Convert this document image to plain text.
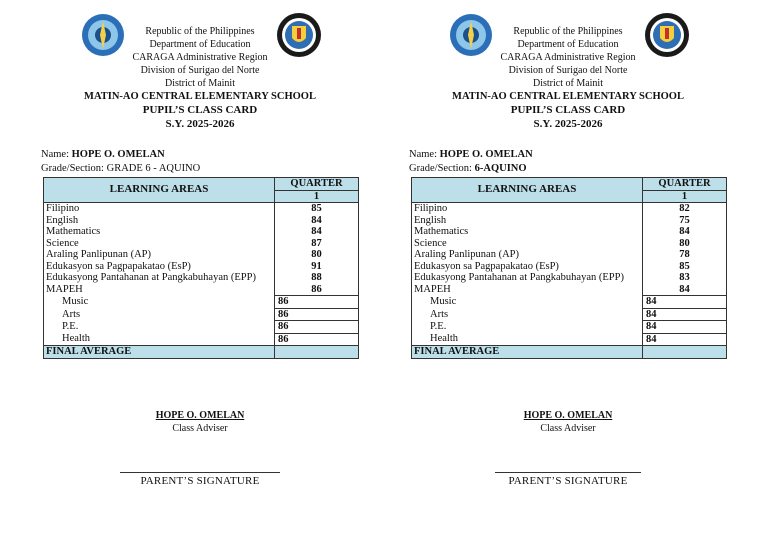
Republic of the Philippines
Department of Education
CARAGA Administrative Region
Division of Surigao del Norte
District of Mainit
MATIN-AO CENTRAL ELEMENTARY SCHOOL
PUPIL’S CLASS CARD
S.Y. 2025-2026
Name: HOPE O. OMELAN
Grade/Section: GRADE 6 - AQUINO
LEARNING AREAS	QUARTER
	1
Filipino	85
English	84
Mathematics	84
Science	87
Araling Panlipunan (AP)	80
Edukasyon sa Pagpapakatao (EsP)	91
Edukasyong Pantahanan at Pangkabuhayan (EPP)	88
MAPEH	86
Music	86
Arts	86
P.E.	86
Health	86
FINAL AVERAGE	
HOPE O. OMELAN
Class Adviser
PARENT’S SIGNATURE
Republic of the Philippines
Department of Education
CARAGA Administrative Region
Division of Surigao del Norte
District of Mainit
MATIN-AO CENTRAL ELEMENTARY SCHOOL
PUPIL’S CLASS CARD
S.Y. 2025-2026
Name: HOPE O. OMELAN
Grade/Section: 6-AQUINO
LEARNING AREAS	QUARTER
	1
Filipino	82
English	75
Mathematics	84
Science	80
Araling Panlipunan (AP)	78
Edukasyon sa Pagpapakatao (EsP)	85
Edukasyong Pantahanan at Pangkabuhayan (EPP)	83
MAPEH	84
Music	84
Arts	84
P.E.	84
Health	84
FINAL AVERAGE	
HOPE O. OMELAN
Class Adviser
PARENT’S SIGNATURE
